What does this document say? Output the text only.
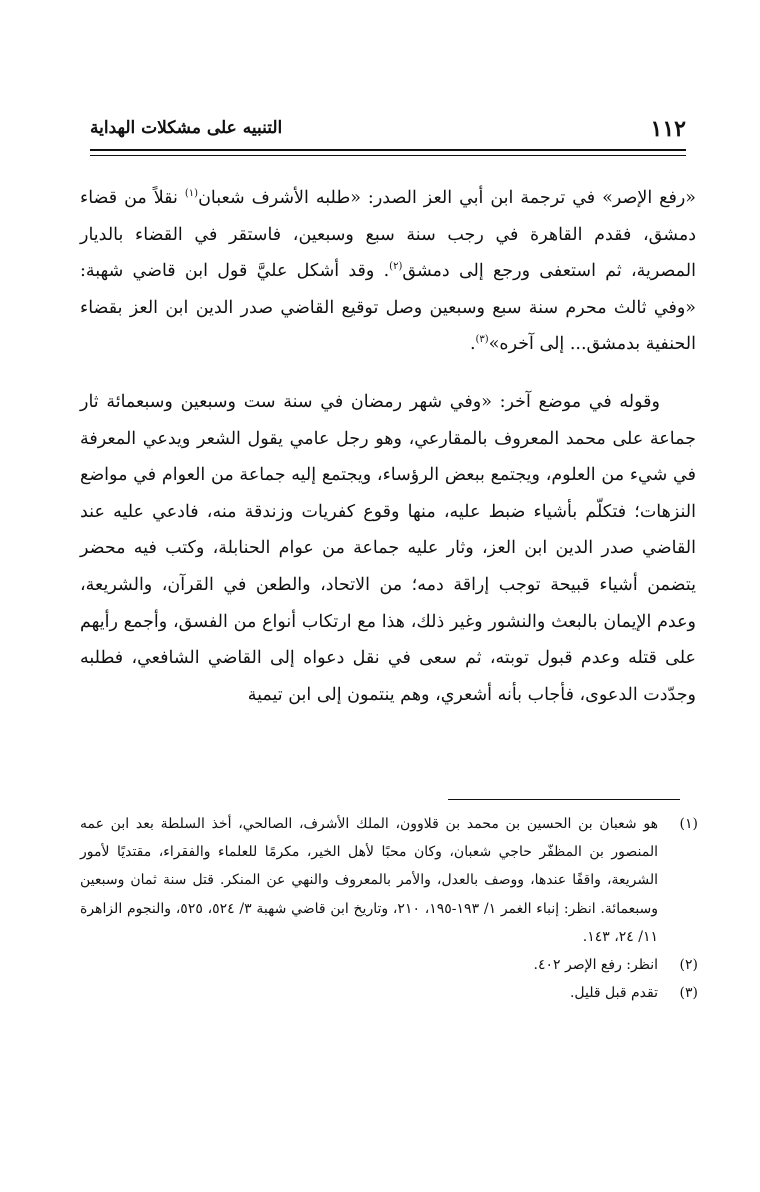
١١٢
التنبيه على مشكلات الهداية

«رفع الإصر» في ترجمة ابن أبي العز الصدر: «طلبه الأشرف شعبان$^{(١)}$ نقلاً من قضاء دمشق، فقدم القاهرة في رجب سنة سبع وسبعين، فاستقر في القضاء بالديار المصرية، ثم استعفى ورجع إلى دمشق$^{(٢)}$. وقد أشكل عليَّ قول ابن قاضي شهبة: «وفي ثالث محرم سنة سبع وسبعين وصل توقيع القاضي صدر الدين ابن العز بقضاء الحنفية بدمشق... إلى آخره»$^{(٣)}$.

وقوله في موضع آخر: «وفي شهر رمضان في سنة ست وسبعين وسبعمائة ثار جماعة على محمد المعروف بالمقارعي، وهو رجل عامي يقول الشعر ويدعي المعرفة في شيء من العلوم، ويجتمع ببعض الرؤساء، ويجتمع إليه جماعة من العوام في مواضع النزهات؛ فتكلّم بأشياء ضبط عليه، منها وقوع كفريات وزندقة منه، فادعي عليه عند القاضي صدر الدين ابن العز، وثار عليه جماعة من عوام الحنابلة، وكتب فيه محضر يتضمن أشياء قبيحة توجب إراقة دمه؛ من الاتحاد، والطعن في القرآن، والشريعة، وعدم الإيمان بالبعث والنشور وغير ذلك، هذا مع ارتكاب أنواع من الفسق، وأجمع رأيهم على قتله وعدم قبول توبته، ثم سعى في نقل دعواه إلى القاضي الشافعي، فطلبه وجدّدت الدعوى، فأجاب بأنه أشعري، وهم ينتمون إلى ابن تيمية

(١)
هو شعبان بن الحسين بن محمد بن قلاوون، الملك الأشرف، الصالحي، أخذ السلطة بعد ابن عمه المنصور بن المظفّر حاجي شعبان، وكان محبًا لأهل الخير، مكرمًا للعلماء والفقراء، مقتديًا لأمور الشريعة، واقفًا عندها، ووصف بالعدل، والأمر بالمعروف والنهي عن المنكر. قتل سنة ثمان وسبعين وسبعمائة. انظر: إنباء الغمر ١/ ١٩٣-١٩٥، ٢١٠، وتاريخ ابن قاضي شهبة ٣/ ٥٢٤، ٥٢٥، والنجوم الزاهرة ١١/ ٢٤، ١٤٣.
(٢)
انظر: رفع الإصر ٤٠٢.
(٣)
تقدم قبل قليل.
